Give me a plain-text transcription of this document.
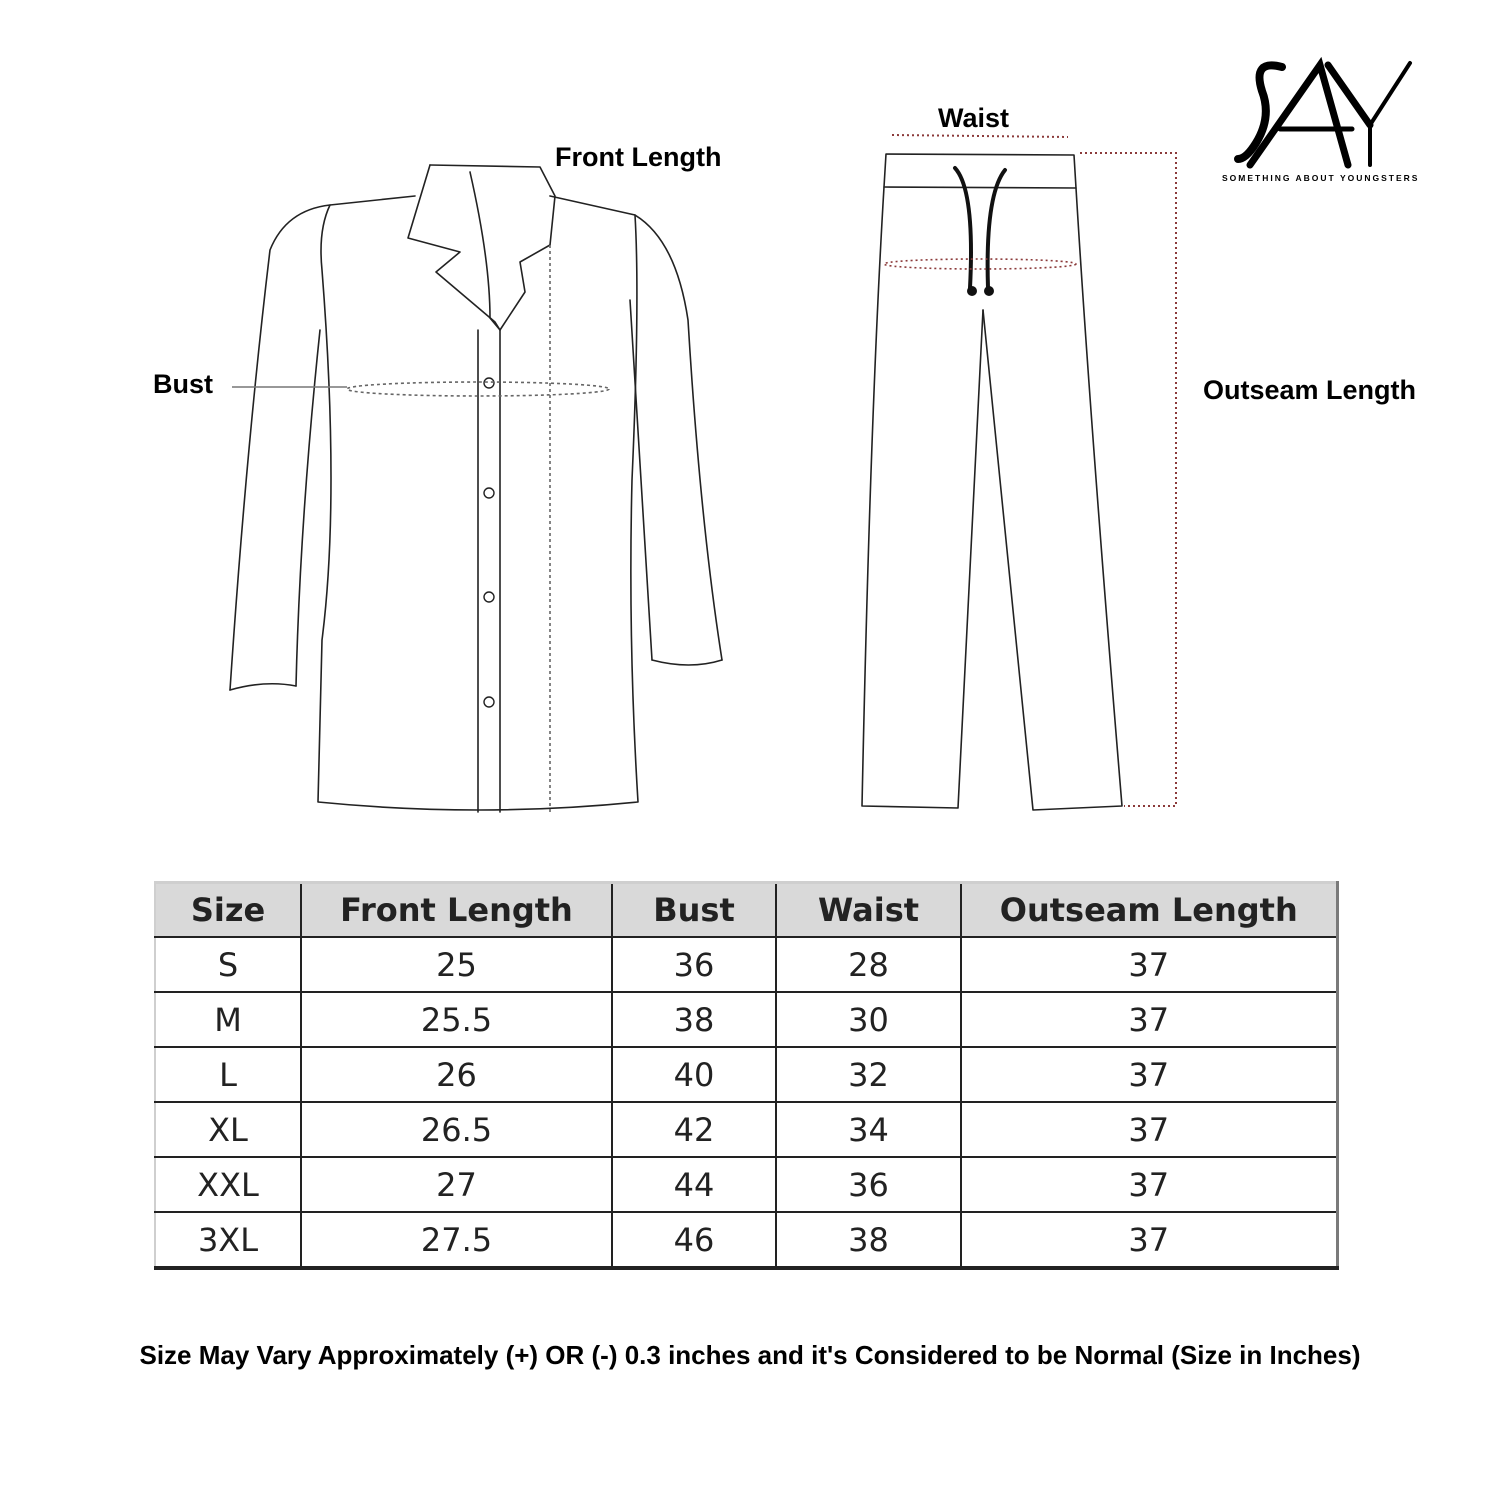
Front Length
Bust
Waist
Outseam Length
SOMETHING ABOUT YOUNGSTERS
Size	Front Length	Bust	Waist	Outseam Length
S	25	36	28	37
M	25.5	38	30	37
L	26	40	32	37
XL	26.5	42	34	37
XXL	27	44	36	37
3XL	27.5	46	38	37
Size May Vary Approximately (+) OR (-) 0.3 inches and it's Considered to be Normal (Size in Inches)
